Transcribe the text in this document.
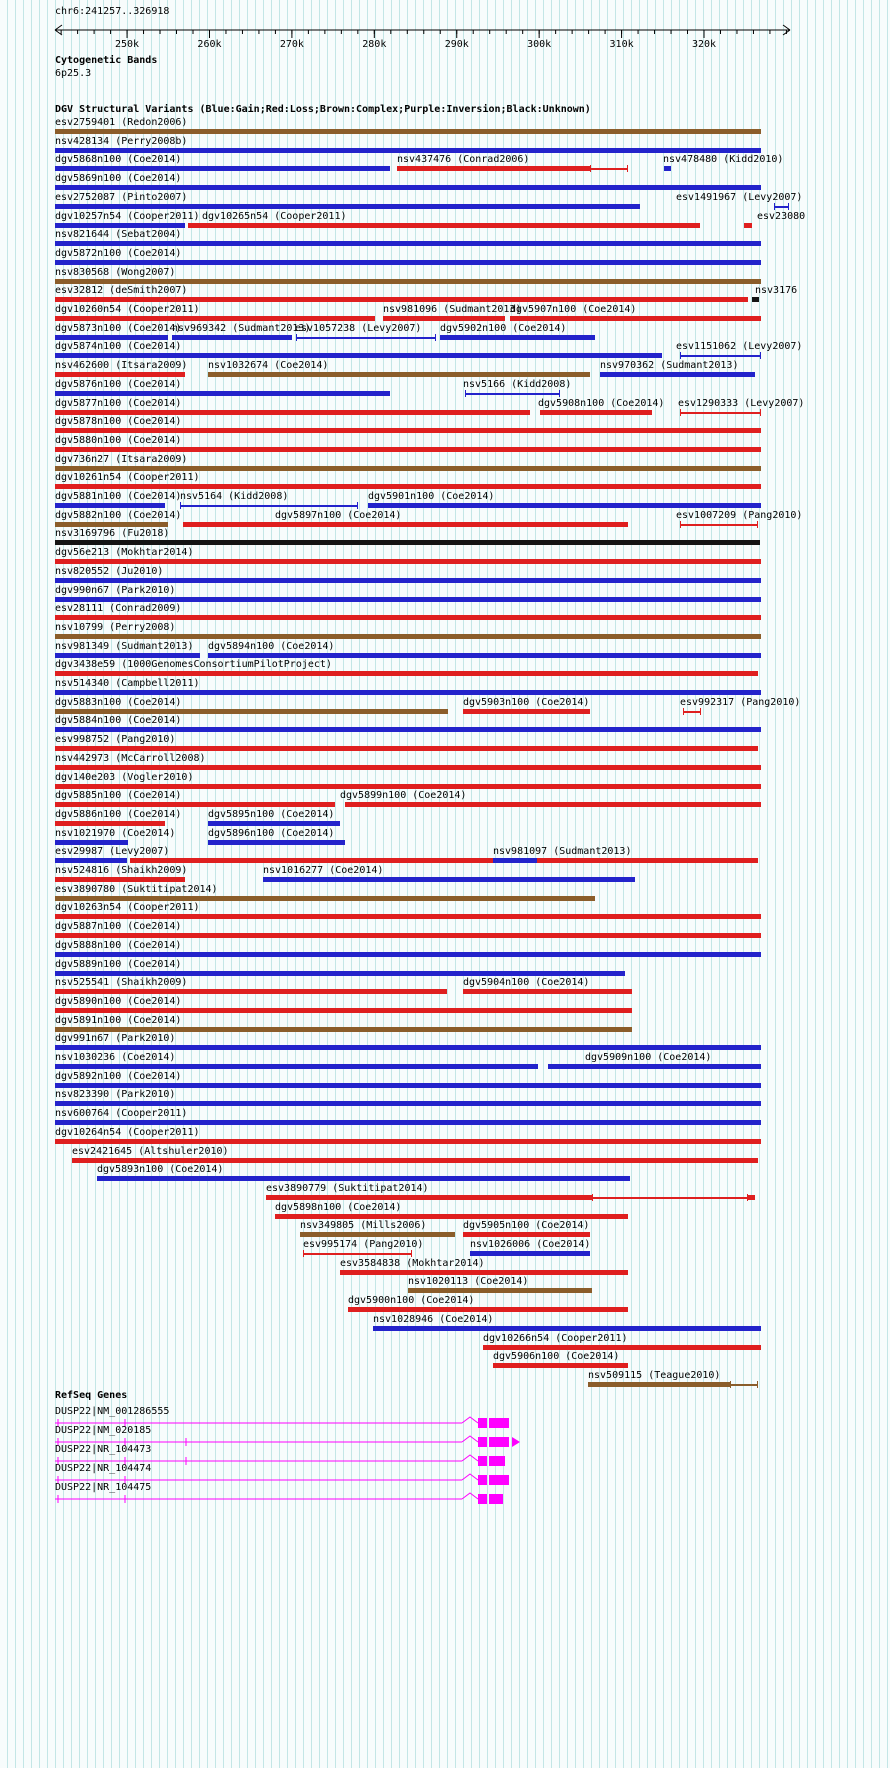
chr6:241257..326918
250k	260k	270k	280k	290k	300k	310k	320k
Cytogenetic Bands
6p25.3
DGV Structural Variants (Blue:Gain;Red:Loss;Brown:Complex;Purple:Inversion;Black:Unknown)
RefSeq Genes
esv2759401 (Redon2006)
nsv428134 (Perry2008b)
dgv5868n100 (Coe2014)	nsv437476 (Conrad2006)	nsv478480 (Kidd2010)
dgv5869n100 (Coe2014)
esv2752087 (Pinto2007)	esv1491967 (Levy2007)
dgv10257n54 (Cooper2011) dgv10265n54 (Cooper2011)	esv23080
nsv821644 (Sebat2004)
dgv5872n100 (Coe2014)
nsv830568 (Wong2007)
esv32812 (deSmith2007)	nsv3176
dgv10260n54 (Cooper2011)	nsv981096 (Sudmant2013)
dgv5907n100 (Coe2014)
dgv5873n100 (Coe2014)
nsv969342 (Sudmant2013)
esv1057238 (Levy2007) dgv5902n100 (Coe2014)
dgv5874n100 (Coe2014)	esv1151062 (Levy2007)
nsv462600 (Itsara2009) nsv1032674 (Coe2014)	nsv970362 (Sudmant2013)
dgv5876n100 (Coe2014)	nsv5166 (Kidd2008)
dgv5877n100 (Coe2014)	dgv5908n100 (Coe2014) esv1290333 (Levy2007)
dgv5878n100 (Coe2014)
dgv5880n100 (Coe2014)
dgv736n27 (Itsara2009)
dgv10261n54 (Cooper2011)
dgv5881n100 (Coe2014)
nsv5164 (Kidd2008)	dgv5901n100 (Coe2014)
dgv5882n100 (Coe2014)	dgv5897n100 (Coe2014)	esv1007209 (Pang2010)
nsv3169796 (Fu2018)
dgv56e213 (Mokhtar2014)
nsv820552 (Ju2010)
dgv990n67 (Park2010)
esv28111 (Conrad2009)
nsv10799 (Perry2008)
nsv981349 (Sudmant2013) dgv5894n100 (Coe2014)
dgv3438e59 (1000GenomesConsortiumPilotProject)
nsv514340 (Campbell2011)
dgv5883n100 (Coe2014)	dgv5903n100 (Coe2014)	esv992317 (Pang2010)
dgv5884n100 (Coe2014)
esv998752 (Pang2010)
nsv442973 (McCarroll2008)
dgv140e203 (Vogler2010)
dgv5885n100 (Coe2014)	dgv5899n100 (Coe2014)
dgv5886n100 (Coe2014)	dgv5895n100 (Coe2014)
nsv1021970 (Coe2014)	dgv5896n100 (Coe2014)
esv29987 (Levy2007)	nsv981097 (Sudmant2013)
nsv524816 (Shaikh2009)	nsv1016277 (Coe2014)
esv3890780 (Suktitipat2014)
dgv10263n54 (Cooper2011)
dgv5887n100 (Coe2014)
dgv5888n100 (Coe2014)
dgv5889n100 (Coe2014)
nsv525541 (Shaikh2009)	dgv5904n100 (Coe2014)
dgv5890n100 (Coe2014)
dgv5891n100 (Coe2014)
dgv991n67 (Park2010)
nsv1030236 (Coe2014)	dgv5909n100 (Coe2014)
dgv5892n100 (Coe2014)
nsv823390 (Park2010)
nsv600764 (Cooper2011)
dgv10264n54 (Cooper2011)
esv2421645 (Altshuler2010)
dgv5893n100 (Coe2014)
esv3890779 (Suktitipat2014)
dgv5898n100 (Coe2014)
nsv349805 (Mills2006)	dgv5905n100 (Coe2014)
esv995174 (Pang2010)	nsv1026006 (Coe2014)
esv3584838 (Mokhtar2014)
nsv1020113 (Coe2014)
dgv5900n100 (Coe2014)
nsv1028946 (Coe2014)
dgv10266n54 (Cooper2011)
dgv5906n100 (Coe2014)
nsv509115 (Teague2010)
DUSP22|NM_001286555
DUSP22|NM_020185
DUSP22|NR_104473
DUSP22|NR_104474
DUSP22|NR_104475
